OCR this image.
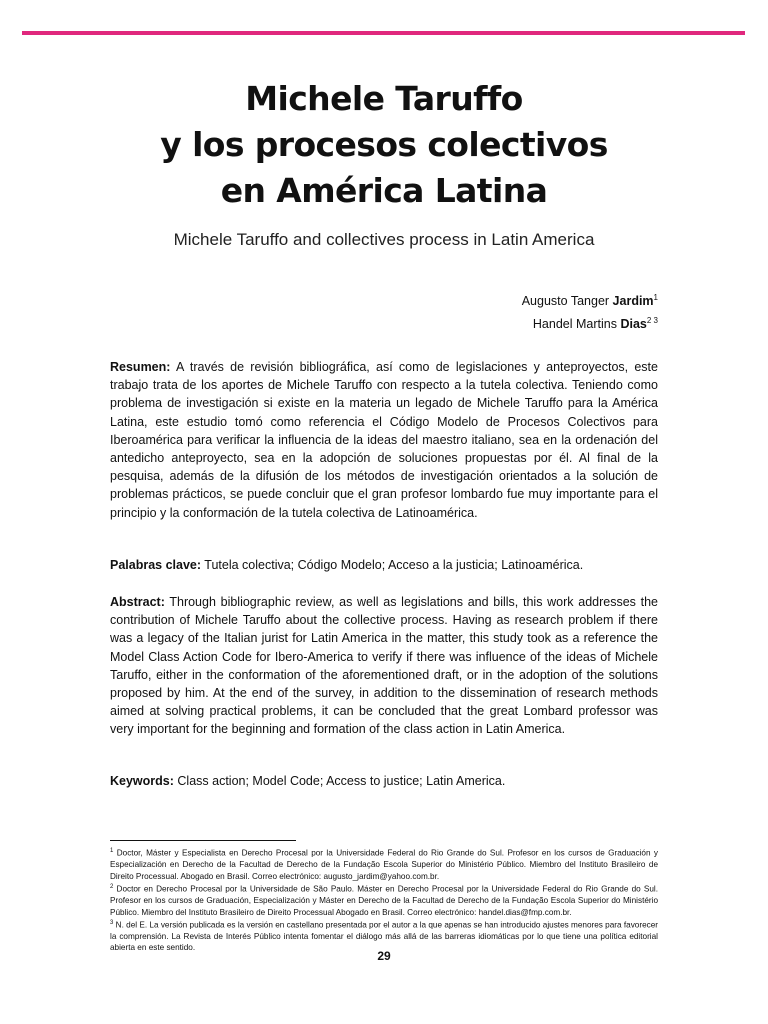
Michele Taruffo
y los procesos colectivos
en América Latina
Michele Taruffo and collectives process in Latin America
Augusto Tanger Jardim$^1$
Handel Martins Dias$^{2 3}$
Resumen: A través de revisión bibliográfica, así como de legislaciones y anteproyectos, este trabajo trata de los aportes de Michele Taruffo con respecto a la tutela colectiva. Teniendo como problema de investigación si existe en la materia un legado de Michele Taruffo para la América Latina, este estudio tomó como referencia el Código Modelo de Procesos Colectivos para Iberoamérica para verificar la influencia de la ideas del maestro italiano, sea en la ordenación del antedicho anteproyecto, sea en la adopción de soluciones propuestas por él. Al final de la pesquisa, además de la difusión de los métodos de investigación orientados a la solución de problemas prácticos, se puede concluir que el gran profesor lombardo fue muy importante para el principio y la conformación de la tutela colectiva de Latinoamérica.
Palabras clave: Tutela colectiva; Código Modelo; Acceso a la justicia; Latinoamérica.
Abstract: Through bibliographic review, as well as legislations and bills, this work addresses the contribution of Michele Taruffo about the collective process. Having as research problem if there was a legacy of the Italian jurist for Latin America in the matter, this study took as a reference the Model Class Action Code for Ibero-America to verify if there was influence of the ideas of Michele Taruffo, either in the conformation of the aforementioned draft, or in the adoption of the solutions proposed by him. At the end of the survey, in addition to the dissemination of research methods aimed at solving practical problems, it can be concluded that the great Lombard professor was very important for the beginning and formation of the class action in Latin America.
Keywords: Class action; Model Code; Access to justice; Latin America.

$^1$ Doctor, Máster y Especialista en Derecho Procesal por la Universidade Federal do Rio Grande do Sul. Profesor en los cursos de Graduación y Especialización en Derecho de la Facultad de Derecho de la Fundação Escola Superior do Ministério Público. Miembro del Instituto Brasileiro de Direito Processual. Abogado en Brasil. Correo electrónico: augusto_jardim@yahoo.com.br.

$^2$ Doctor en Derecho Procesal por la Universidade de São Paulo. Máster en Derecho Procesal por la Universidade Federal do Rio Grande do Sul. Profesor en los cursos de Graduación, Especialización y Máster en Derecho de la Facultad de Derecho de la Fundação Escola Superior do Ministério Público. Miembro del Instituto Brasileiro de Direito Processual Abogado en Brasil. Correo electrónico: handel.dias@fmp.com.br.

$^3$ N. del E. La versión publicada es la versión en castellano presentada por el autor a la que apenas se han introducido ajustes menores para favorecer la comprensión. La Revista de Interés Público intenta fomentar el diálogo más allá de las barreras idiomáticas por lo que tiene una política editorial abierta en este sentido.

29
